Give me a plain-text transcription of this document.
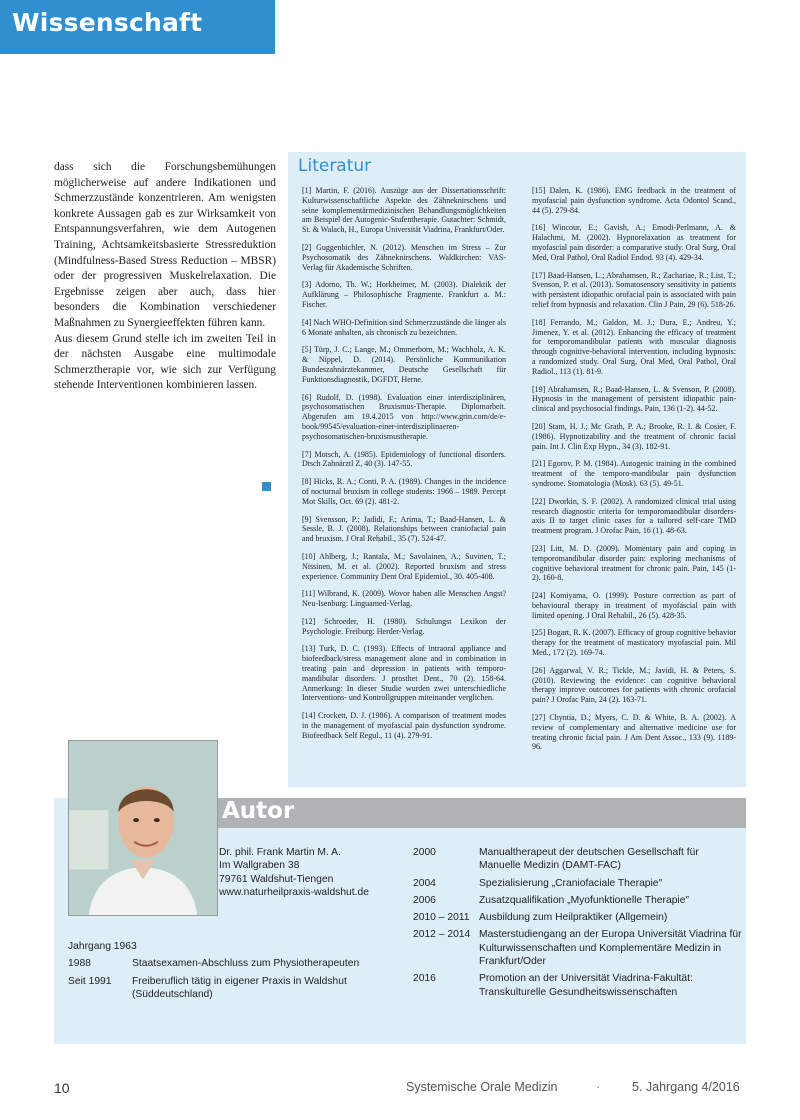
Wissenschaft

dass sich die Forschungsbemühungen möglicherweise auf andere Indikationen und Schmerzzustände konzentrieren. Am wenigsten konkrete Aussagen gab es zur Wirksamkeit von Entspannungsverfahren, wie dem Autogenen Training, Achtsamkeitsbasierte Stressreduktion (Mindfulness-Based Stress Reduction – MBSR) oder der progressiven Muskelrelaxation. Die Ergebnisse zeigen aber auch, dass hier besonders die Kombination verschiedener Maßnahmen zu Synergieeffekten führen kann.

Aus diesem Grund stelle ich im zweiten Teil in der nächsten Ausgabe eine multimodale Schmerztherapie vor, wie sich zur Verfügung stehende Interventionen kombinieren lassen.

Literatur

[1] Martin, F. (2016). Auszüge aus der Dissertationsschrift: Kulturwissenschaftliche Aspekte des Zähneknirschens und seine komplementärmedizinischen Behandlungsmöglichkeiten am Beispiel der Autogenic-Stufentherapie. Gutachter: Schmidt, St. & Walach, H., Europa Universität Viadrina, Frankfurt/Oder.

[2] Guggenbichler, N. (2012). Menschen im Stress – Zur Psychosomatik des Zähneknirschens. Waldkirchen: VAS-Verlag für Akademische Schriften.

[3] Adorno, Th. W.; Horkheimer, M. (2003). Dialektik der Aufklärung – Philosophische Fragmente. Frankfurt a. M.: Fischer.

[4] Nach WHO-Definition sind Schmerzzustände die länger als 6 Monate anhalten, als chronisch zu bezeichnen.

[5] Türp, J. C.; Lange, M.; Ommerborn, M.; Wachholz, A. K. & Nippel, D. (2014). Persönliche Kommunikation Bundeszahnärztekammer, Deutsche Gesellschaft für Funktionsdiagnostik, DGFDT, Herne.

[6] Rudolf, D. (1998). Evaluation einer interdisziplinären, psychosomatischen Bruxismus-Therapie. Diplomarbeit. Abgerufen am 19.4.2015 von http://www.grin.com/de/e-book/99545/evaluation-einer-interdisziplinaeren-psychosomatischen-bruxismustherapie.

[7] Motsch, A. (1985). Epidemiology of functional disorders. Dtsch Zahnärztl Z, 40 (3). 147-55.

[8] Hicks, R. A.; Conti, P. A. (1989). Changes in the incidence of nocturnal bruxism in college students: 1966 – 1989. Percept Mot Skills, Oct. 69 (2). 481-2.

[9] Svensson, P.; Jadidi, F.; Arima, T.; Baad-Hansen, L. & Sessle, B. J. (2008). Relationships between craniofacial pain and bruxism. J Oral Rehabil., 35 (7). 524-47.

[10] Ahlberg, J.; Rantala, M.; Savolainen, A.; Suvinen, T.; Nissinen, M. et al. (2002). Reported bruxism and stress experience. Community Dent Oral Epidemiol., 30. 405-408.

[11] Wilbrand, K. (2009). Wovor haben alle Menschen Angst? Neu-Isenburg: Linguamed-Verlag.

[12] Schroeder, H. (1980). Schulungst Lexikon der Psychologie. Freiburg: Herder-Verlag.

[13] Turk, D. C. (1993). Effects of intraoral appliance and biofeedback/stress management alone and in combination in treating pain and depression in patients with temporo-mandibular disorders. J prosthet Dent., 70 (2). 158-64. Anmerkung: In dieser Studie wurden zwei unterschiedliche Interventions- und Kontrollgruppen miteinander verglichen.

[14] Crockett, D. J. (1986). A comparison of treatment modes in the management of myofascial pain dysfunction syndrome. Biofeedback Self Regul., 11 (4). 279-91.

[15] Dalen, K. (1986). EMG feedback in the treatment of myofascial pain dysfunction syndrome. Acta Odontol Scand., 44 (5). 279-84.

[16] Wincour, E.; Gavish, A.; Emodi-Perlmann, A. & Halachmi, M. (2002). Hypnorelaxation as treatment for myofascial pain disorder: a comparative study. Oral Surg, Oral Med, Oral Pathol, Oral Radiol Endod. 93 (4). 429-34.

[17] Baad-Hansen, L.; Abrahamsen, R.; Zachariae, R.; List, T.; Svenson, P. et al. (2013). Somatosensory sensitivity in patients with persistent idiopathic orofacial pain is associated with pain relief from hypnosis and relaxation. Clin J Pain, 29 (6). 518-26.

[18] Ferrando, M.; Galdon, M. J.; Dura, E.; Andreu, Y.; Jimenez, Y. et al. (2012). Enhancing the efficacy of treatment for temporomandibular patients with muscular diagnosis through cognitive-behavioral intervention, including hypnosis: a randomized study. Oral Surg, Oral Med, Oral Pathol, Oral Radiol., 113 (1). 81-9.

[19] Abrahamsen, R.; Baad-Hansen, L. & Svenson, P. (2008). Hypnosis in the management of persistent idiopathic pain-clinical and psychosocial findings. Pain, 136 (1-2). 44-52.

[20] Stam, H. J.; Mc Grath, P. A.; Brooke, R. I. & Cosier, F. (1986). Hypnotizability and the treatment of chronic facial pain. Int J. Clin Exp Hypn., 34 (3). 182-91.

[21] Egorov, P. M. (1984). Autogenic training in the combined treatment of the temporo-mandibular pain dysfunction syndrome. Stomatologia (Mosk). 63 (5). 49-51.

[22] Dworkin, S. F. (2002). A randomized clinical trial using research diagnostic criteria for temporomandibular disorders-axis II to target clinic cases for a tailored self-care TMD treatment program. J Orofac Pain, 16 (1). 48-63.

[23] Litt, M. D. (2009). Momentary pain and coping in temporomandibular disorder pain: exploring mechanisms of cognitive behavioral treatment for chronic pain. Pain, 145 (1-2). 160-8.

[24] Komiyama, O. (1999). Posture correction as part of behavioural therapy in treatment of myofascial pain with limited opening. J Oral Rehabil., 26 (5). 428-35.

[25] Bogart, R. K. (2007). Efficacy of group cognitive behavior therapy for the treatment of masticatory myofascial pain. Mil Med., 172 (2). 169-74.

[26] Aggarwal, V. R.; Tickle, M.; Javidi, H. & Peters, S. (2010). Reviewing the evidence: can cognitive behavioral therapy improve outcomes for patients with chronic orofacial pain? J Orofac Pain, 24 (2). 163-71.

[27] Chyntia, D.; Myers, C. D. & White, B. A. (2002). A review of complementary and alternative medicine use for treating chronic facial pain. J Am Dent Assoc., 133 (9). 1189-96.

Autor
Dr. phil. Frank Martin M. A.
Im Wallgraben 38
79761 Waldshut-Tiengen
www.naturheilpraxis-waldshut.de
2000	Manualtherapeut der deutschen Gesellschaft für Manuelle Medizin (DAMT-FAC)
2004	Spezialisierung „Craniofaciale Therapie"
2006	Zusatzqualifikation „Myofunktionelle Therapie"
2010 – 2011 Ausbildung zum Heilpraktiker (Allgemein)
2012 – 2014 Masterstudiengang an der Europa Universität Viadrina für Kulturwissenschaften und Komplementäre Medizin in Frankfurt/Oder
2016	Promotion an der Universität Viadrina-Fakultät: Transkulturelle Gesundheitswissenschaften
Jahrgang 1963
1988	Staatsexamen-Abschluss zum Physiotherapeuten
Seit 1991	Freiberuflich tätig in eigener Praxis in Waldshut (Süddeutschland)
10	Systemische Orale Medizin	·	5. Jahrgang 4/2016
